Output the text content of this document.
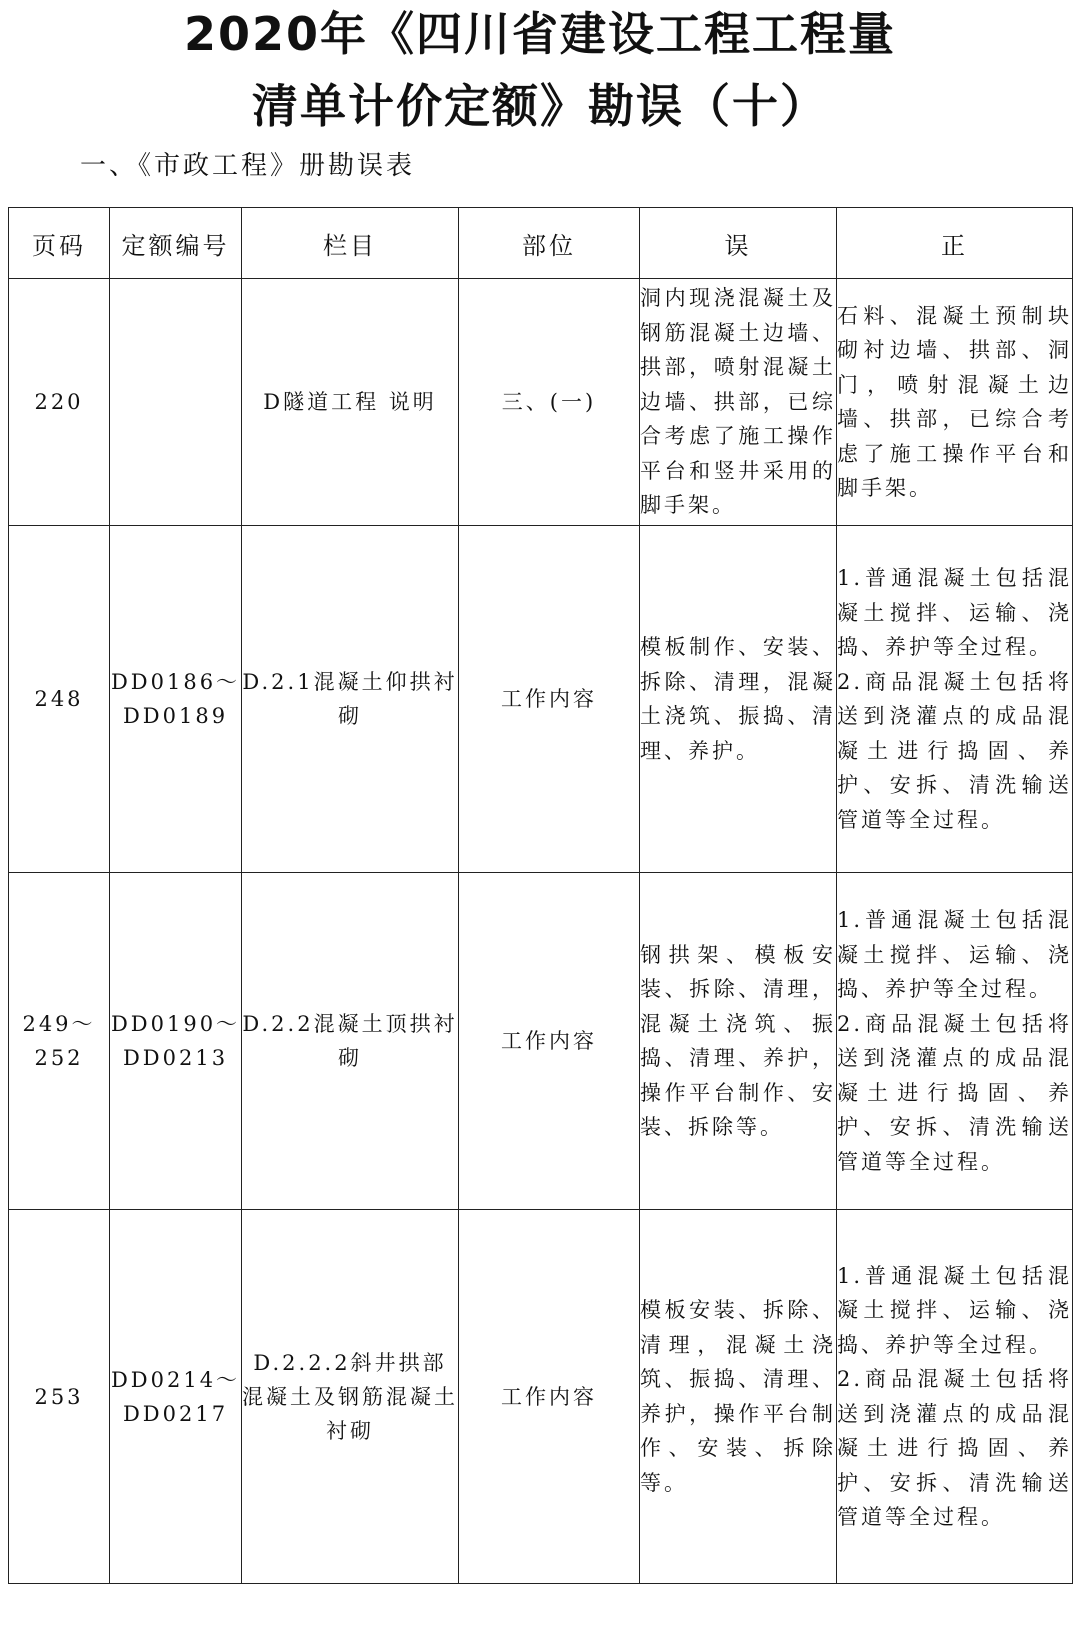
2020年《四川省建设工程工程量
清单计价定额》勘误（十）
一、《市政工程》册勘误表
页码	定额编号	栏目	部位	误	正
220		D隧道工程 说明	三、(一)	洞内现浇混凝土及钢筋混凝土边墙、拱部，喷射混凝土边墙、拱部，已综合考虑了施工操作平台和竖井采用的脚手架。	石料、混凝土预制块砌衬边墙、拱部、洞门，喷射混凝土边墙、拱部，已综合考虑了施工操作平台和脚手架。
248	DD0186～
DD0189	D.2.1混凝土仰拱衬砌	工作内容	模板制作、安装、拆除、清理，混凝土浇筑、振捣、清理、养护。	1.普通混凝土包括混凝土搅拌、运输、浇捣、养护等全过程。
2.商品混凝土包括将送到浇灌点的成品混凝土进行捣固、养护、安拆、清洗输送管道等全过程。
249～
252	DD0190～
DD0213	D.2.2混凝土顶拱衬砌	工作内容	钢拱架、模板安装、拆除、清理，混凝土浇筑、振捣、清理、养护，操作平台制作、安装、拆除等。	1.普通混凝土包括混凝土搅拌、运输、浇捣、养护等全过程。
2.商品混凝土包括将送到浇灌点的成品混凝土进行捣固、养护、安拆、清洗输送管道等全过程。
253	DD0214～
DD0217	D.2.2.2斜井拱部混凝土及钢筋混凝土衬砌	工作内容	模板安装、拆除、清理，混凝土浇筑、振捣、清理、养护，操作平台制作、安装、拆除等。	1.普通混凝土包括混凝土搅拌、运输、浇捣、养护等全过程。
2.商品混凝土包括将送到浇灌点的成品混凝土进行捣固、养护、安拆、清洗输送管道等全过程。
